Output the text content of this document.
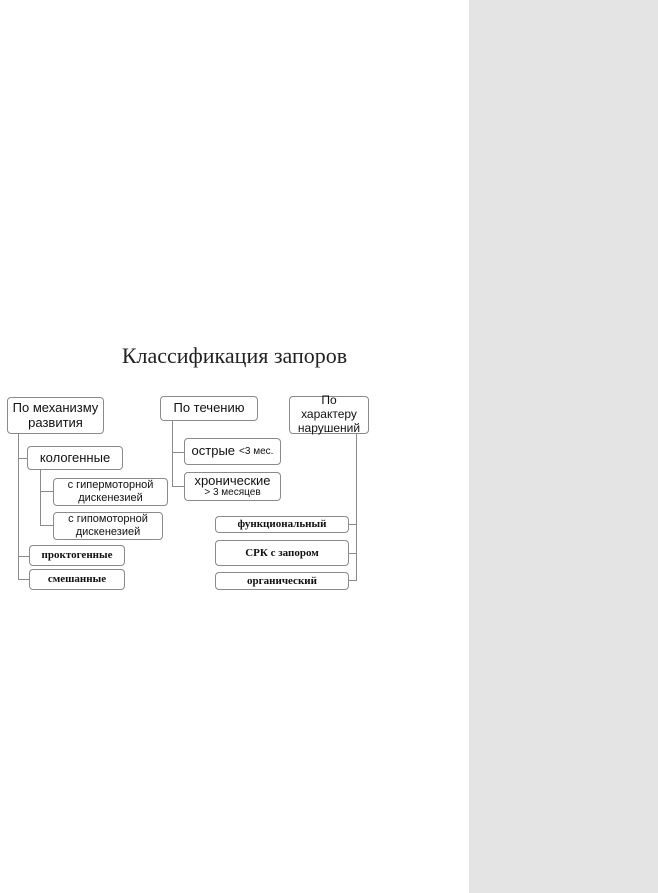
Классификация запоров
По механизму развития
кологенные
с гипермоторной дискенезией
с гипомоторной дискенезией
проктогенные
смешанные
По течению
острые <3 мес.
хронические
> 3 месяцев
По характеру нарушений
функциональный
СРК с запором
органический
